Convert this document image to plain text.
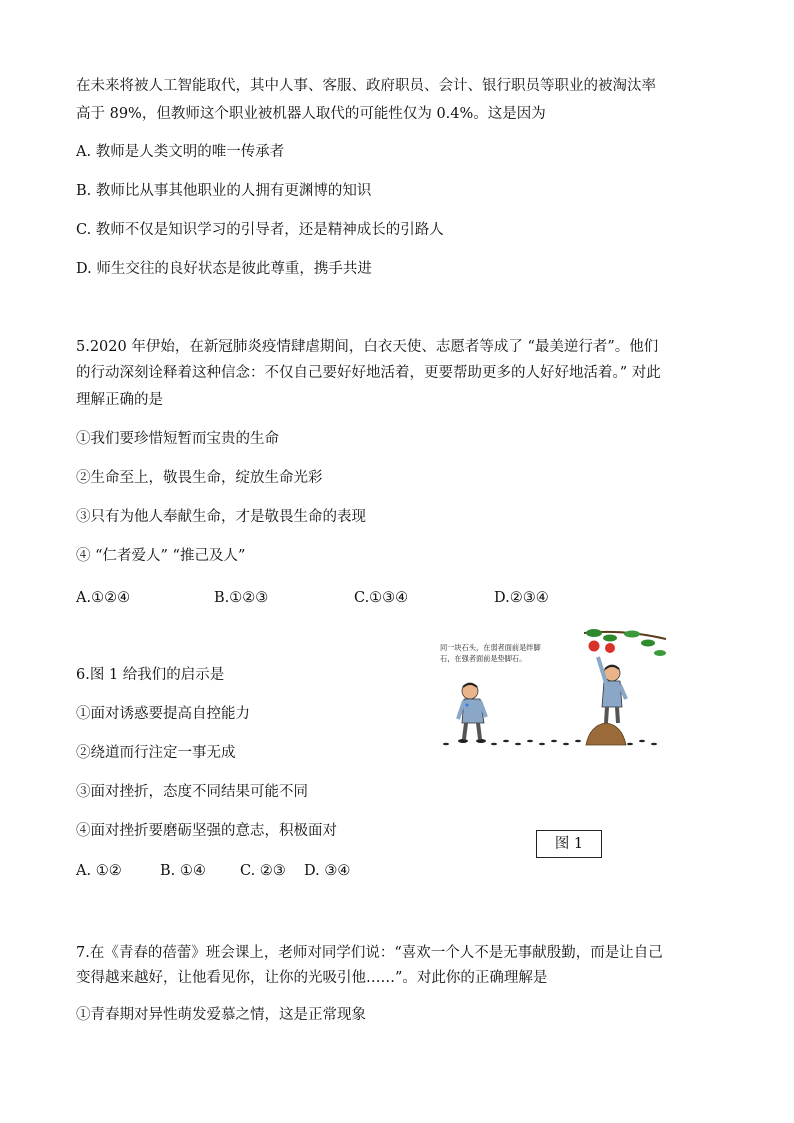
在未来将被人工智能取代，其中人事、客服、政府职员、会计、银行职员等职业的被淘汰率

高于 89%，但教师这个职业被机器人取代的可能性仅为 0.4%。这是因为

A. 教师是人类文明的唯一传承者

B. 教师比从事其他职业的人拥有更渊博的知识

C. 教师不仅是知识学习的引导者，还是精神成长的引路人

D. 师生交往的良好状态是彼此尊重，携手共进

5.2020 年伊始，在新冠肺炎疫情肆虐期间，白衣天使、志愿者等成了 “最美逆行者”。他们

的行动深刻诠释着这种信念：不仅自己要好好地活着，更要帮助更多的人好好地活着。” 对此

理解正确的是

①我们要珍惜短暂而宝贵的生命

②生命至上，敬畏生命，绽放生命光彩

③只有为他人奉献生命，才是敬畏生命的表现

④ “仁者爱人” “推己及人”

A.①②④	B.①②③	C.①③④	D.②③④

6.图 1 给我们的启示是

①面对诱惑要提高自控能力

②绕道而行注定一事无成

③面对挫折，态度不同结果可能不同

④面对挫折要磨砺坚强的意志，积极面对

A. ①②	B. ①④ C. ②③ D. ③④
同一块石头，在弱者面前是绊脚
石，在强者面前是垫脚石。
图 1

7.在《青春的蓓蕾》班会课上，老师对同学们说：“喜欢一个人不是无事献殷勤，而是让自己

变得越来越好，让他看见你，让你的光吸引他……”。对此你的正确理解是

①青春期对异性萌发爱慕之情，这是正常现象
